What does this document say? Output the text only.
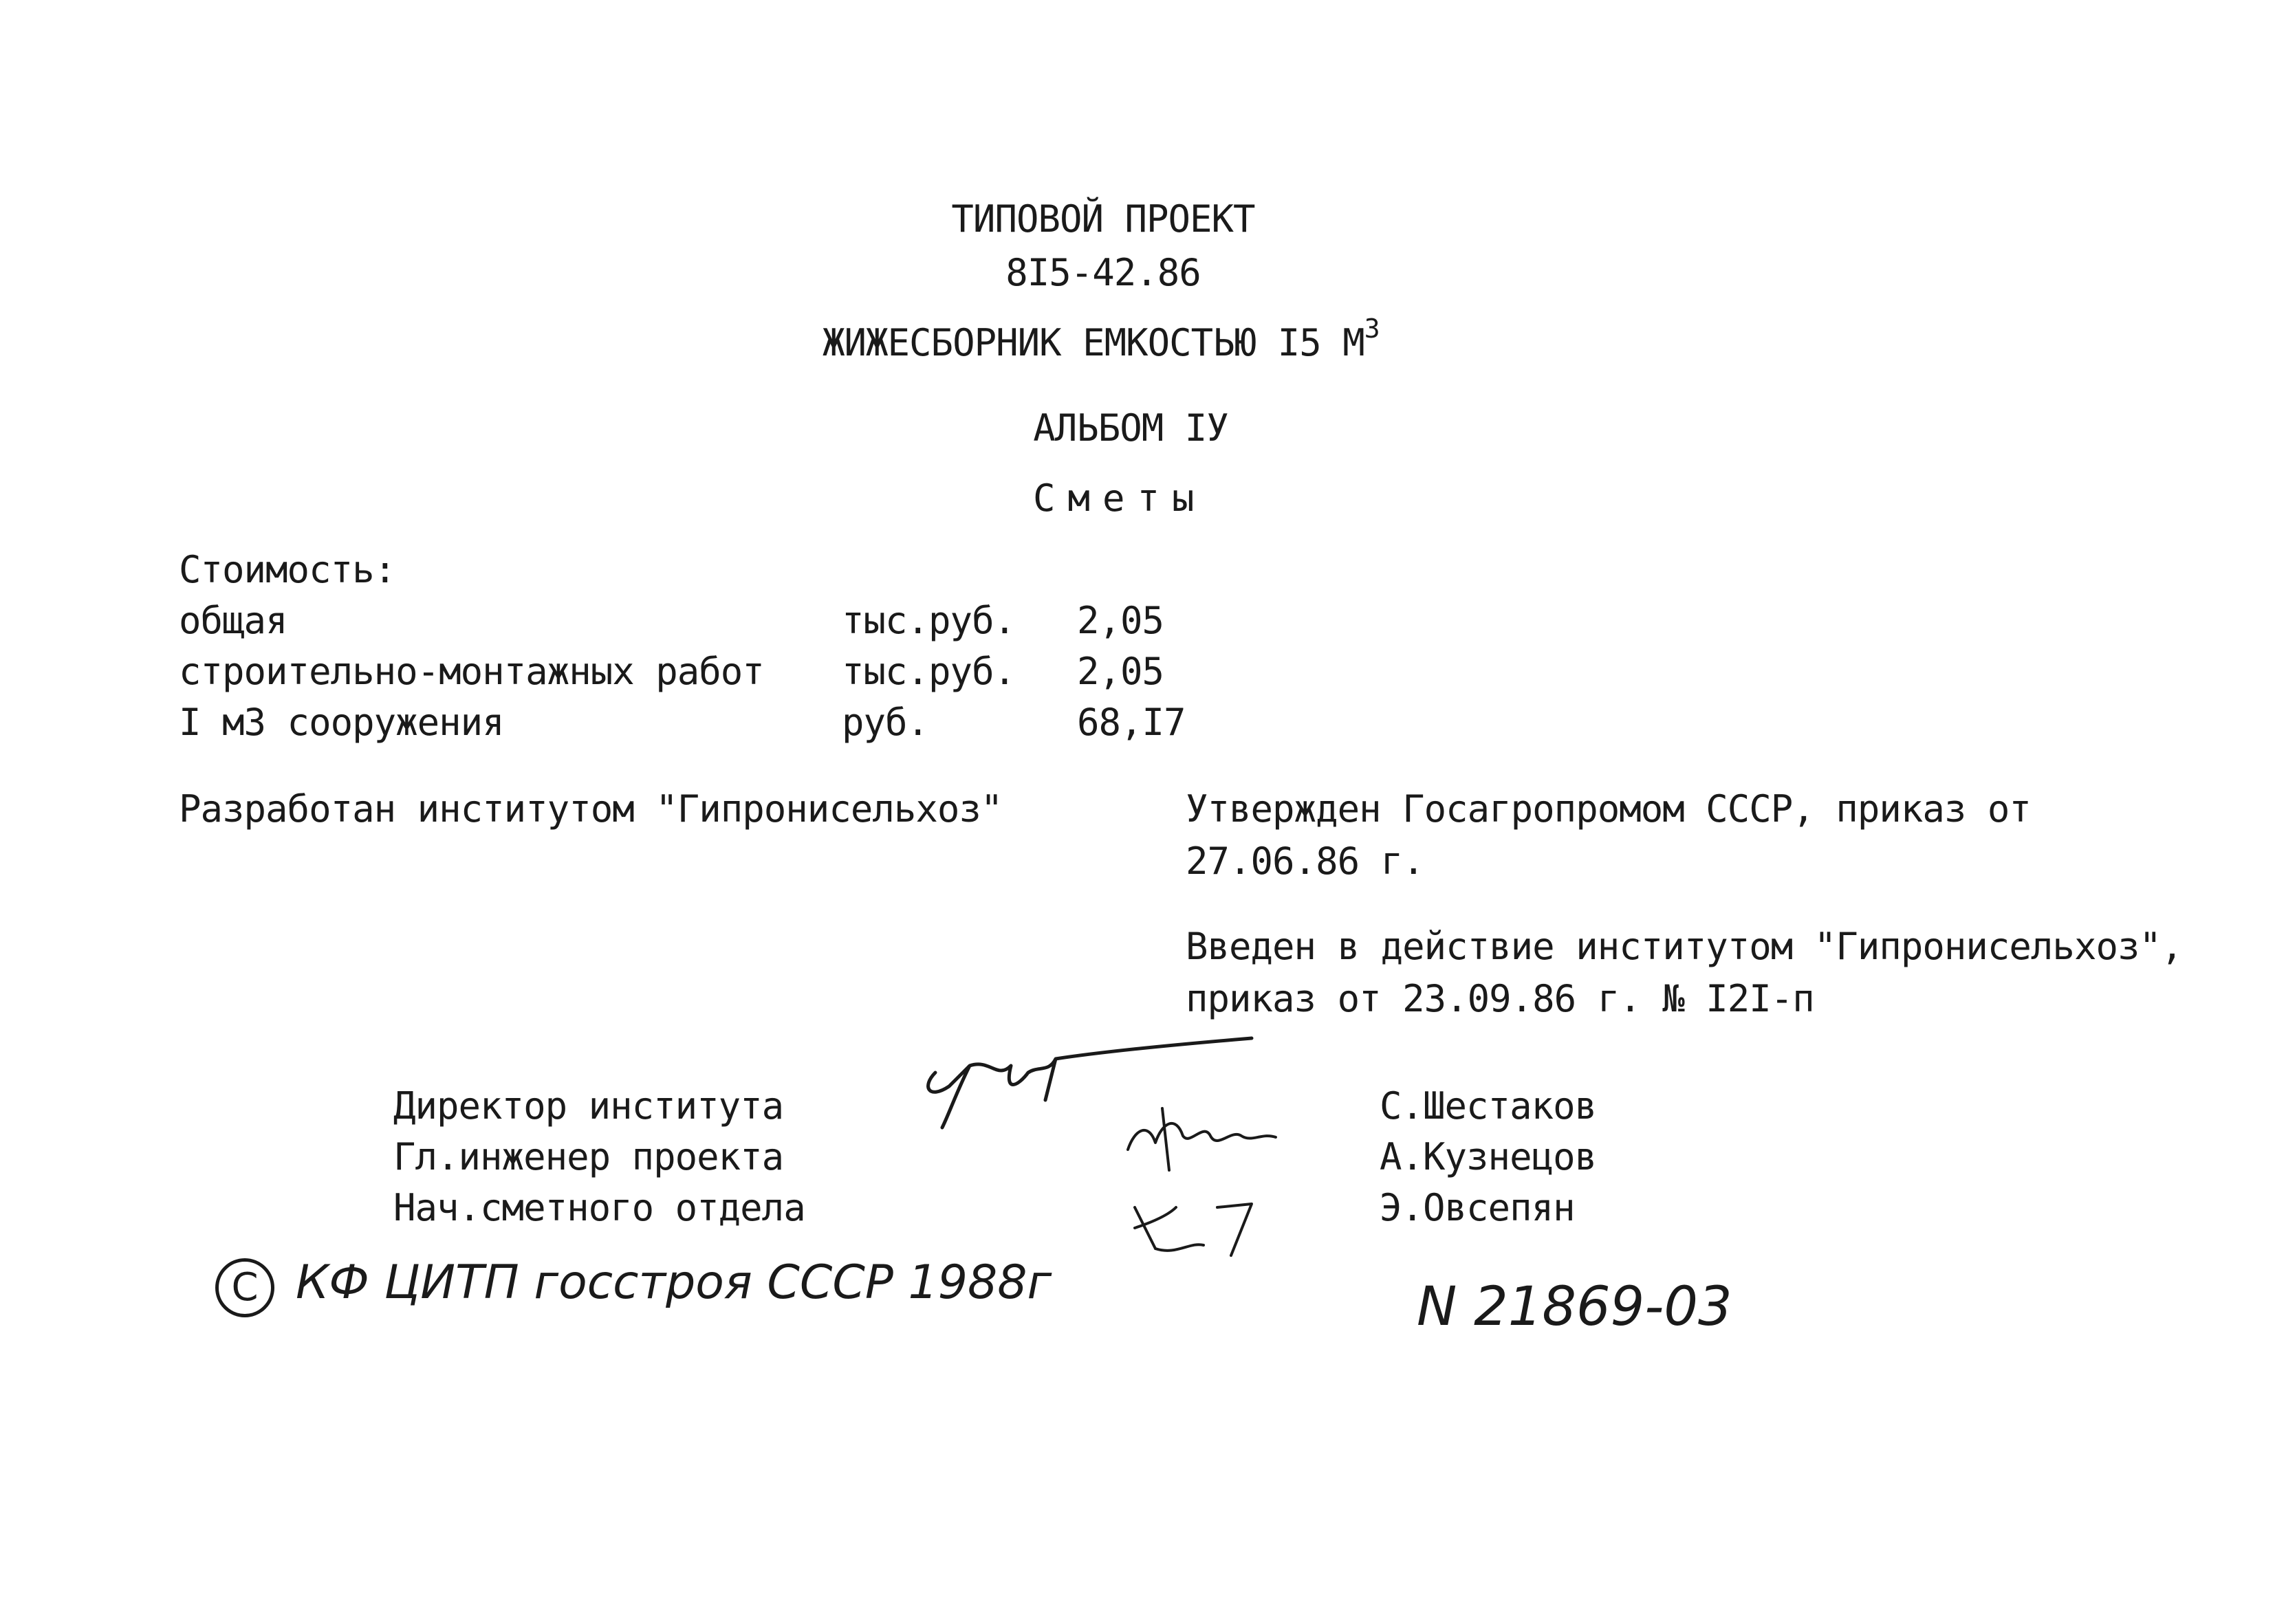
ТИПОВОЙ ПРОЕКТ
8I5-42.86
ЖИЖЕСБОРНИК ЕМКОСТЬЮ I5 $М^3$
АЛЬБОМ IУ
Сметы
Стоимость:
общая	тыс.руб. 2,05
строительно-монтажных работ тыс.руб. 2,05
I м3 сооружения	руб.	68,I7
Разработан институтом "Гипронисельхоз"	Утвержден Госагропромом СССР, приказ от
27.06.86 г.
Введен в действие институтом "Гипронисельхоз",
приказ от 23.09.86 г. № I2I-п
Директор института	С.Шестаков
Гл.инженер проекта	А.Кузнецов
Нач.сметного отдела	Э.Овсепян
С КФ ЦИТП госстроя СССР 1988г	N 21869-03
